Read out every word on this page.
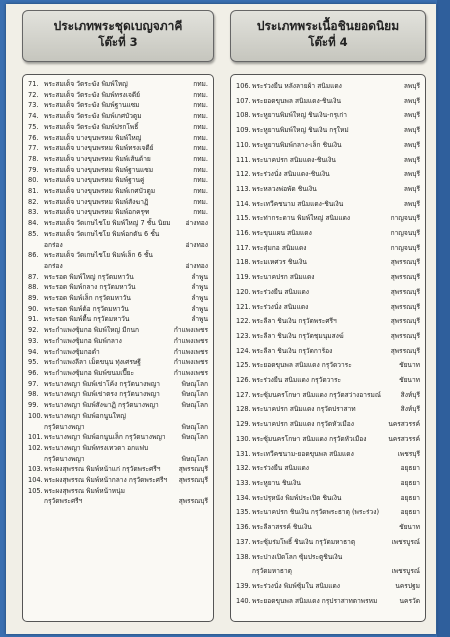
ประเภทพระชุดเบญจภาคี
โต๊ะที่ 3
71. พระสมเด็จ วัดระฆัง พิมพ์ใหญ่	กทม.
72. พระสมเด็จ วัดระฆัง พิมพ์ทรงเจดีย์	กทม.
73. พระสมเด็จ วัดระฆัง พิมพ์ฐานแซม	กทม.
74. พระสมเด็จ วัดระฆัง พิมพ์เกศบัวตูม	กทม.
75. พระสมเด็จ วัดระฆัง พิมพ์ปรกโพธิ์	กทม.
76. พระสมเด็จ บางขุนพรหม พิมพ์ใหญ่	กทม.
77. พระสมเด็จ บางขุนพรหม พิมพ์ทรงเจดีย์	กทม.
78. พระสมเด็จ บางขุนพรหม พิมพ์เส้นด้าย	กทม.
79. พระสมเด็จ บางขุนพรหม พิมพ์ฐานแซม	กทม.
80. พระสมเด็จ บางขุนพรหม พิมพ์ฐานคู่	กทม.
81. พระสมเด็จ บางขุนพรหม พิมพ์เกศบัวตูม	กทม.
82. พระสมเด็จ บางขุนพรหม พิมพ์สังฆาฏิ	กทม.
83. พระสมเด็จ บางขุนพรหม พิมพ์อกครุฑ	กทม.
84. พระสมเด็จ วัดเกษไชโย พิมพ์ใหญ่ 7 ชั้น นิยม	อ่างทอง
85. พระสมเด็จ วัดเกษไชโย พิมพ์อกตัน 6 ชั้น
อกร่อง	อ่างทอง
86. พระสมเด็จ วัดเกษไชโย พิมพ์เล็ก 6 ชั้น
อกร่อง	อ่างทอง
87. พระรอด พิมพ์ใหญ่ กรุวัดมหาวัน	ลำพูน
88. พระรอด พิมพ์กลาง กรุวัดมหาวัน	ลำพูน
89. พระรอด พิมพ์เล็ก กรุวัดมหาวัน	ลำพูน
90. พระรอด พิมพ์ต้อ กรุวัดมหาวัน	ลำพูน
91. พระรอด พิมพ์ตื้น กรุวัดมหาวัน	ลำพูน
92. พระกำแพงซุ้มกอ พิมพ์ใหญ่ มีกนก	กำแพงเพชร
93. พระกำแพงซุ้มกอ พิมพ์กลาง	กำแพงเพชร
94. พระกำแพงซุ้มกอดำ	กำแพงเพชร
95. พระกำแพงลีลา เม็ดขนุน ทุ่งเศรษฐี	กำแพงเพชร
96. พระกำแพงซุ้มกอ พิมพ์ขนมเปี๊ยะ	กำแพงเพชร
97. พระนางพญา พิมพ์เข่าโค้ง กรุวัดนางพญา	พิษณุโลก
98. พระนางพญา พิมพ์เข่าตรง กรุวัดนางพญา	พิษณุโลก
99. พระนางพญา พิมพ์สังฆาฏิ กรุวัดนางพญา	พิษณุโลก
100. พระนางพญา พิมพ์อกนูนใหญ่
กรุวัดนางพญา	พิษณุโลก
101. พระนางพญา พิมพ์อกนูนเล็ก กรุวัดนางพญา	พิษณุโลก
102. พระนางพญา พิมพ์ทรงเทวดา อกแฟบ
กรุวัดนางพญา	พิษณุโลก
103. พระผงสุพรรณ พิมพ์หน้าแก่ กรุวัดพระศรีฯ	สุพรรณบุรี
104. พระผงสุพรรณ พิมพ์หน้ากลาง กรุวัดพระศรีฯ	สุพรรณบุรี
105. พระผงสุพรรณ พิมพ์หน้าหนุ่ม
กรุวัดพระศรีฯ	สุพรรณบุรี
ประเภทพระเนื้อชินยอดนิยม
โต๊ะที่ 4
106. พระร่วงยืน หลังลายผ้า สนิมแดง	ลพบุรี
107. พระยอดขุนพล สนิมแดง-ชินเงิน	ลพบุรี
108. พระหูยานพิมพ์ใหญ่ ชินเงิน-กรุเก่า	ลพบุรี
109. พระหูยานพิมพ์ใหญ่ ชินเงิน กรุใหม่	ลพบุรี
110. พระหูยานพิมพ์กลาง-เล็ก ชินเงิน	ลพบุรี
111. พระนาคปรก สนิมแดง-ชินเงิน	ลพบุรี
112. พระร่วงนั่ง สนิมแดง-ชินเงิน	ลพบุรี
113. พระหลวงพ่อพัด ชินเงิน	ลพบุรี
114. พระเทวีคชนาม สนิมแดง-ชินเงิน	ลพบุรี
115. พระท่ากระดาน พิมพ์ใหญ่ สนิมแดง	กาญจนบุรี
116. พระขุนแผน สนิมแดง	กาญจนบุรี
117. พระสุ่มกอ สนิมแดง	กาญจนบุรี
118. พระมเหศวร ชินเงิน	สุพรรณบุรี
119. พระนาคปรก สนิมแดง	สุพรรณบุรี
120. พระร่วงยืน สนิมแดง	สุพรรณบุรี
121. พระร่วงนั่ง สนิมแดง	สุพรรณบุรี
122. พระลีลา ชินเงิน กรุวัดพระศรีฯ	สุพรรณบุรี
123. พระลีลา ชินเงิน กรุวัดชุมนุมสงฆ์	สุพรรณบุรี
124. พระลีลา ชินเงิน กรุวัดการ้อง	สุพรรณบุรี
125. พระยอดขุนพล สนิมแดง กรุวัดวาระ	ชัยนาท
126. พระร่วงยืน สนิมแดง กรุวัดวาระ	ชัยนาท
127. พระซุ้มนครโกษา สนิมแดง กรุวัดสว่างอารมณ์	สิงห์บุรี
128. พระนาคปรก สนิมแดง กรุวัดปราสาท	สิงห์บุรี
129. พระนาคปรก สนิมแดง กรุวัดหัวเมือง	นครสวรรค์
130. พระซุ้มนครโกษา สนิมแดง กรุวัดหัวเมือง	นครสวรรค์
131. พระเทวีคชนาม-ยอดขุนพล สนิมแดง	เพชรบุรี
132. พระร่วงยืน สนิมแดง	อยุธยา
133. พระหูยาน ชินเงิน	อยุธยา
134. พระปรุหนัง พิมพ์ประเปิด ชินเงิน	อยุธยา
135. พระนาคปรก ชินเงิน กรุวัดพระธาตุ (พระร่วง)	อยุธยา
136. พระลีลาสรรค์ ชินเงิน	ชัยนาท
137. พระซุ้มร่มโพธิ์ ชินเงิน กรุวัดมหาธาตุ	เพชรบูรณ์
138. พระปางเปิดโลก ซุ้มประตูชินเงิน
กรุวัดมหาธาตุ	เพชรบูรณ์
139. พระร่วงนั่ง พิมพ์ซุ้มใน สนิมแดง	นครปฐม
140. พระยอดขุนพล สนิมแดง กรุปราสาทตาพรหม	นครวัด
